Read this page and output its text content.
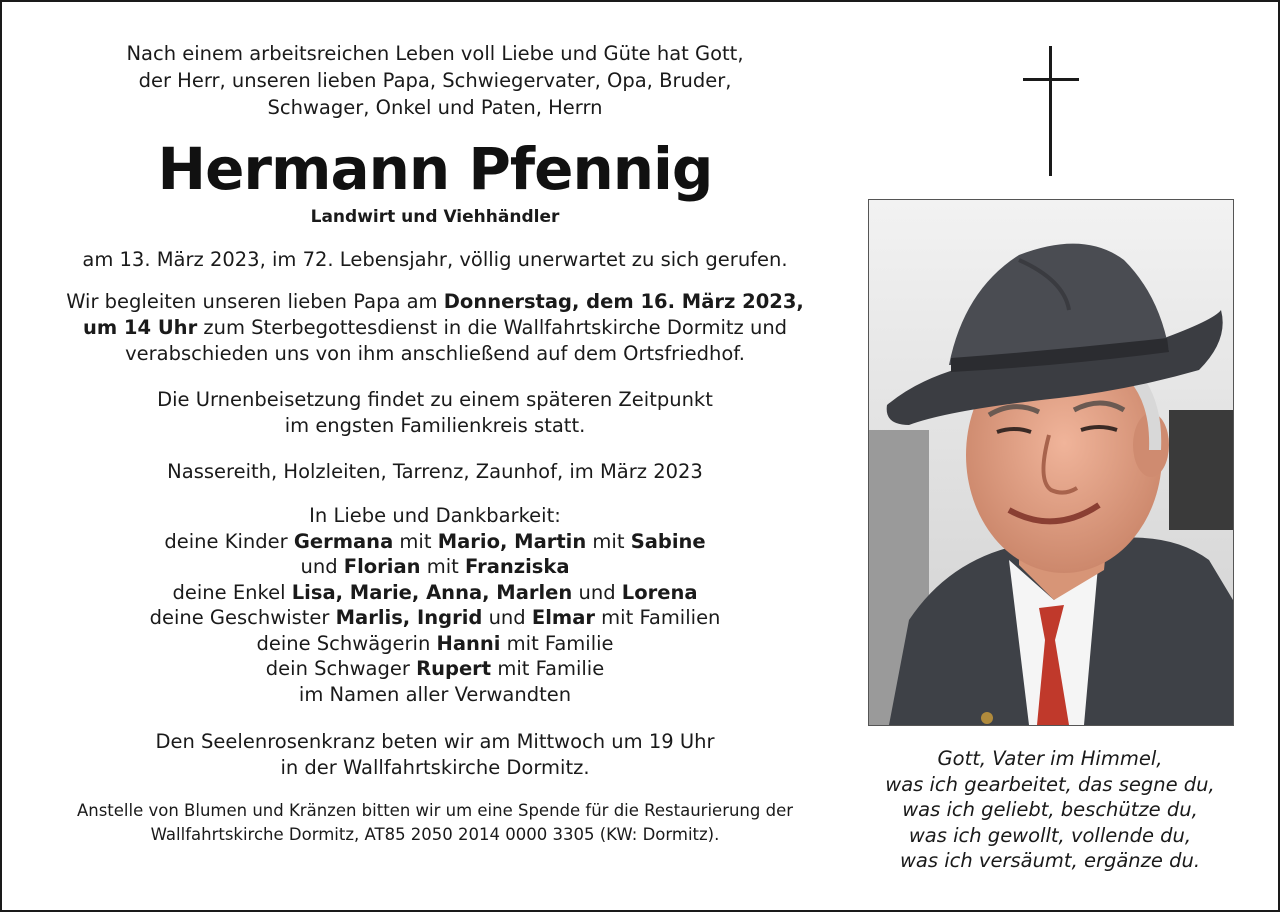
Nach einem arbeitsreichen Leben voll Liebe und Güte hat Gott,
der Herr, unseren lieben Papa, Schwiegervater, Opa, Bruder,
Schwager, Onkel und Paten, Herrn
Hermann Pfennig
Landwirt und Viehhändler
am 13. März 2023, im 72. Lebensjahr, völlig unerwartet zu sich gerufen.
Wir begleiten unseren lieben Papa am Donnerstag, dem 16. März 2023,
um 14 Uhr zum Sterbegottesdienst in die Wallfahrtskirche Dormitz und
verabschieden uns von ihm anschließend auf dem Ortsfriedhof.
Die Urnenbeisetzung findet zu einem späteren Zeitpunkt
im engsten Familienkreis statt.
Nassereith, Holzleiten, Tarrenz, Zaunhof, im März 2023
In Liebe und Dankbarkeit:
deine Kinder Germana mit Mario, Martin mit Sabine
und Florian mit Franziska
deine Enkel Lisa, Marie, Anna, Marlen und Lorena
deine Geschwister Marlis, Ingrid und Elmar mit Familien
deine Schwägerin Hanni mit Familie
dein Schwager Rupert mit Familie
im Namen aller Verwandten
Den Seelenrosenkranz beten wir am Mittwoch um 19 Uhr
in der Wallfahrtskirche Dormitz.
Anstelle von Blumen und Kränzen bitten wir um eine Spende für die Restaurierung der
Wallfahrtskirche Dormitz, AT85 2050 2014 0000 3305 (KW: Dormitz).
Gott, Vater im Himmel,
was ich gearbeitet, das segne du,
was ich geliebt, beschütze du,
was ich gewollt, vollende du,
was ich versäumt, ergänze du.
